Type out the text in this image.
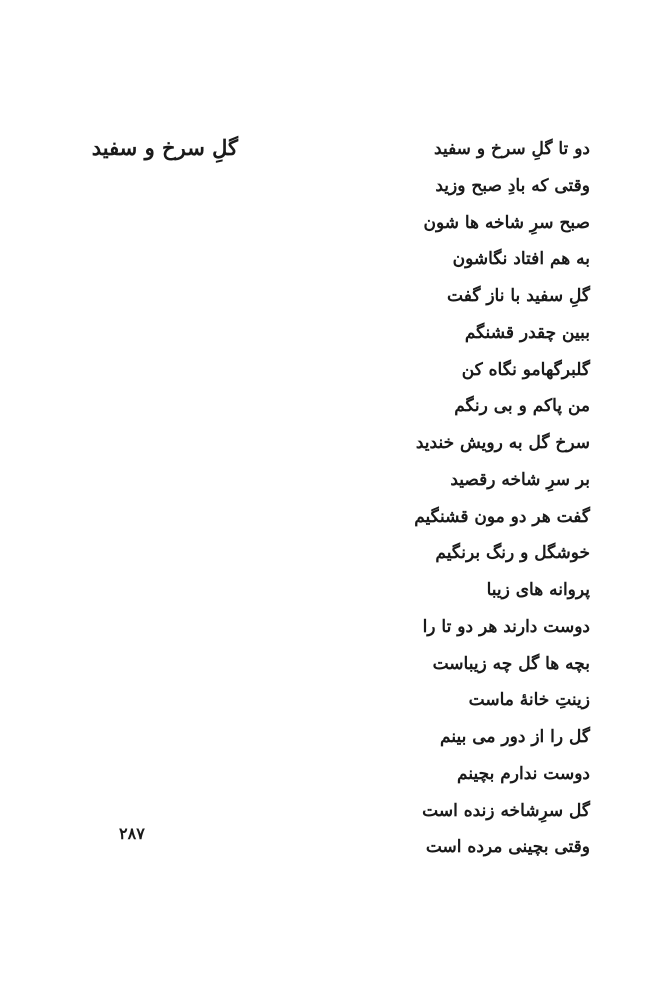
گلِ سرخ و سفید	دو تا گلِ سرخ و سفید
وقتی که بادِ صبح وزید
صبح سرِ شاخه ها شون
به هم افتاد نگاشون
گلِ سفید با ناز گفت
ببین چقدر قشنگم
گلبرگهامو نگاه کن
من پاکم و بی رنگم
سرخ گل به رویش خندید
بر سرِ شاخه رقصید
گفت هر دو مون قشنگیم
خوشگل و رنگ برنگیم
پروانه های زیبا
دوست دارند هر دو تا را
بچه ها گل چه زیباست
زینتِ خانهٔ ماست
گل را از دور می بینم
دوست ندارم بچینم
گل سرِشاخه زنده است
وقتی بچینی مرده است
۲۸۷
